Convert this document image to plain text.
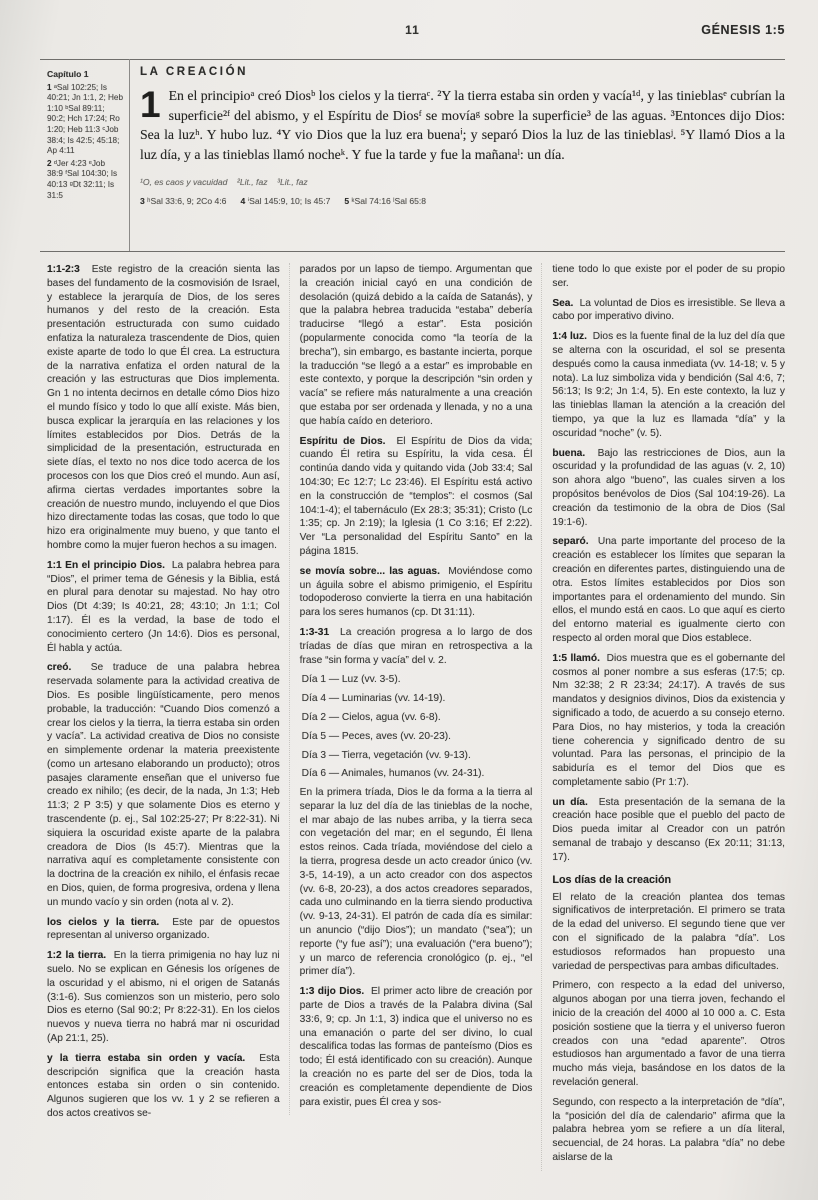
11	GÉNESIS 1:5
Capítulo 1
1 ᵃSal 102:25; Is 40:21; Jn 1:1, 2; Heb 1:10 ᵇSal 89:11; 90:2; Hch 17:24; Ro 1:20; Heb 11:3 ᶜJob 38:4; Is 42:5; 45:18; Ap 4:11
2 ᵈJer 4:23 ᵉJob 38:9 ᶠSal 104:30; Is 40:13 ᵍDt 32:11; Is 31:5
LA CREACIÓN
1 En el principioᵃ creó Diosᵇ los cielos y la tierraᶜ. ²Y la tierra estaba sin orden y vacía¹ᵈ, y las tinieblasᵉ cubrían la superficie²ᶠ del abismo, y el Espíritu de Diosᶠ se movíaᵍ sobre la superficie³ de las aguas. ³Entonces dijo Dios: Sea la luzʰ. Y hubo luz. ⁴Y vio Dios que la luz era buenaⁱ; y separó Dios la luz de las tinieblasʲ. ⁵Y llamó Dios a la luz día, y a las tinieblas llamó nocheᵏ. Y fue la tarde y fue la mañanaˡ: un día.
¹O, es caos y vacuidad    ²Lit., faz    ³Lit., faz
3 ʰSal 33:6, 9; 2Co 4:6 4 ⁱSal 145:9, 10; Is 45:7 5 ᵏSal 74:16 ˡSal 65:8

1:1-2:3  Este registro de la creación sienta las bases del fundamento de la cosmovisión de Israel, y establece la jerarquía de Dios, de los seres humanos y del resto de la creación. Esta presentación estructurada con sumo cuidado enfatiza la naturaleza trascendente de Dios, quien existe aparte de todo lo que Él crea. La estructura de la narrativa enfatiza el orden natural de la creación y las estructuras que Dios implementa. Gn 1 no intenta decirnos en detalle cómo Dios hizo el mundo físico y todo lo que allí existe. Más bien, busca explicar la jerarquía en las relaciones y los límites establecidos por Dios. Detrás de la simplicidad de la presentación, estructurada en siete días, el texto no nos dice todo acerca de los procesos con los que Dios creó el mundo. Aun así, afirma ciertas verdades importantes sobre la creación de nuestro mundo, incluyendo el que Dios hizo directamente todas las cosas, que todo lo que hizo era originalmente muy bueno, y que tanto el hombre como la mujer fueron hechos a su imagen.

1:1 En el principio Dios.  La palabra hebrea para “Dios”, el primer tema de Génesis y la Biblia, está en plural para denotar su majestad. No hay otro Dios (Dt 4:39; Is 40:21, 28; 43:10; Jn 1:1; Col 1:17). Él es la verdad, la base de todo el conocimiento certero (Jn 14:6). Dios es personal, Él habla y actúa.

creó.  Se traduce de una palabra hebrea reservada solamente para la actividad creativa de Dios. Es posible lingüísticamente, pero menos probable, la traducción: “Cuando Dios comenzó a crear los cielos y la tierra, la tierra estaba sin orden y vacía”. La actividad creativa de Dios no consiste en simplemente ordenar la materia preexistente (como un artesano elaborando un producto); otros pasajes claramente enseñan que el universo fue creado ex nihilo; (es decir, de la nada, Jn 1:3; Heb 11:3; 2 P 3:5) y que solamente Dios es eterno y trascendente (p. ej., Sal 102:25-27; Pr 8:22-31). Ni siquiera la oscuridad existe aparte de la palabra creadora de Dios (Is 45:7). Mientras que la narrativa aquí es completamente consistente con la doctrina de la creación ex nihilo, el énfasis recae en Dios, quien, de forma progresiva, ordena y llena un mundo vacío y sin orden (nota al v. 2).

los cielos y la tierra.  Este par de opuestos representan al universo organizado.

1:2 la tierra.  En la tierra primigenia no hay luz ni suelo. No se explican en Génesis los orígenes de la oscuridad y el abismo, ni el origen de Satanás (3:1-6). Sus comienzos son un misterio, pero solo Dios es eterno (Sal 90:2; Pr 8:22-31). En los cielos nuevos y nueva tierra no habrá mar ni oscuridad (Ap 21:1, 25).

y la tierra estaba sin orden y vacía.  Esta descripción significa que la creación hasta entonces estaba sin orden o sin contenido. Algunos sugieren que los vv. 1 y 2 se refieren a dos actos creativos se-

parados por un lapso de tiempo. Argumentan que la creación inicial cayó en una condición de desolación (quizá debido a la caída de Satanás), y que la palabra hebrea traducida “estaba” debería traducirse “llegó a estar”. Esta posición (popularmente conocida como “la teoría de la brecha”), sin embargo, es bastante incierta, porque la traducción “se llegó a a estar” es improbable en este contexto, y porque la descripción “sin orden y vacía” se refiere más naturalmente a una creación que estaba por ser ordenada y llenada, y no a una que había caído en deterioro.

Espíritu de Dios.  El Espíritu de Dios da vida; cuando Él retira su Espíritu, la vida cesa. Él continúa dando vida y quitando vida (Job 33:4; Sal 104:30; Ec 12:7; Lc 23:46). El Espíritu está activo en la construcción de “templos”: el cosmos (Sal 104:1-4); el tabernáculo (Ex 28:3; 35:31); Cristo (Lc 1:35; cp. Jn 2:19); la Iglesia (1 Co 3:16; Ef 2:22). Ver “La personalidad del Espíritu Santo” en la página 1815.

se movía sobre... las aguas.  Moviéndose como un águila sobre el abismo primigenio, el Espíritu todopoderoso convierte la tierra en una habitación para los seres humanos (cp. Dt 31:11).

1:3-31  La creación progresa a lo largo de dos tríadas de días que miran en retrospectiva a la frase “sin forma y vacía” del v. 2.

Día 1 — Luz (vv. 3-5).
Día 4 — Luminarias (vv. 14-19).
Día 2 — Cielos, agua (vv. 6-8).
Día 5 — Peces, aves (vv. 20-23).
Día 3 — Tierra, vegetación (vv. 9-13).
Día 6 — Animales, humanos (vv. 24-31).

En la primera tríada, Dios le da forma a la tierra al separar la luz del día de las tinieblas de la noche, el mar abajo de las nubes arriba, y la tierra seca con vegetación del mar; en el segundo, Él llena estos reinos. Cada tríada, moviéndose del cielo a la tierra, progresa desde un acto creador único (vv. 3-5, 14-19), a un acto creador con dos aspectos (vv. 6-8, 20-23), a dos actos creadores separados, cada uno culminando en la tierra siendo productiva (vv. 9-13, 24-31). El patrón de cada día es similar: un anuncio (“dijo Dios”); un mandato (“sea”); un reporte (“y fue así”); una evaluación (“era bueno”); y un marco de referencia cronológico (p. ej., “el primer día”).

1:3 dijo Dios.  El primer acto libre de creación por parte de Dios a través de la Palabra divina (Sal 33:6, 9; cp. Jn 1:1, 3) indica que el universo no es una emanación o parte del ser divino, lo cual descalifica todas las formas de panteísmo (Dios es todo; Él está identificado con su creación). Aunque la creación no es parte del ser de Dios, toda la creación es completamente dependiente de Dios para existir, pues Él crea y sos-

tiene todo lo que existe por el poder de su propio ser.

Sea.  La voluntad de Dios es irresistible. Se lleva a cabo por imperativo divino.

1:4 luz.  Dios es la fuente final de la luz del día que se alterna con la oscuridad, el sol se presenta después como la causa inmediata (vv. 14-18; v. 5 y nota). La luz simboliza vida y bendición (Sal 4:6, 7; 56:13; Is 9:2; Jn 1:4, 5). En este contexto, la luz y las tinieblas llaman la atención a la creación del tiempo, ya que la luz es llamada “día” y la oscuridad “noche” (v. 5).

buena.  Bajo las restricciones de Dios, aun la oscuridad y la profundidad de las aguas (v. 2, 10) son ahora algo “bueno”, las cuales sirven a los propósitos benévolos de Dios (Sal 104:19-26). La creación da testimonio de la obra de Dios (Sal 19:1-6).

separó.  Una parte importante del proceso de la creación es establecer los límites que separan la creación en diferentes partes, distinguiendo una de otra. Estos límites establecidos por Dios son importantes para el ordenamiento del mundo. Sin ellos, el mundo está en caos. Lo que aquí es cierto del entorno material es igualmente cierto con respecto al orden moral que Dios establece.

1:5 llamó.  Dios muestra que es el gobernante del cosmos al poner nombre a sus esferas (17:5; cp. Nm 32:38; 2 R 23:34; 24:17). A través de sus mandatos y designios divinos, Dios da existencia y significado a todo, de acuerdo a su consejo eterno. Para Dios, no hay misterios, y toda la creación tiene coherencia y significado dentro de su voluntad. Para las personas, el principio de la sabiduría es el temor del Dios que es completamente sabio (Pr 1:7).

un día.  Esta presentación de la semana de la creación hace posible que el pueblo del pacto de Dios pueda imitar al Creador con un patrón semanal de trabajo y descanso (Ex 20:11; 31:13, 17).

Los días de la creación

El relato de la creación plantea dos temas significativos de interpretación. El primero se trata de la edad del universo. El segundo tiene que ver con el significado de la palabra “día”. Los estudiosos reformados han propuesto una variedad de perspectivas para ambas dificultades.

Primero, con respecto a la edad del universo, algunos abogan por una tierra joven, fechando el inicio de la creación del 4000 al 10 000 a. C. Esta posición sostiene que la tierra y el universo fueron creados con una “edad aparente”. Otros estudiosos han argumentado a favor de una tierra mucho más vieja, basándose en los datos de la revelación general.

Segundo, con respecto a la interpretación de “día”, la “posición del día de calendario” afirma que la palabra hebrea yom se refiere a un día literal, secuencial, de 24 horas. La palabra “día” no debe aislarse de la
